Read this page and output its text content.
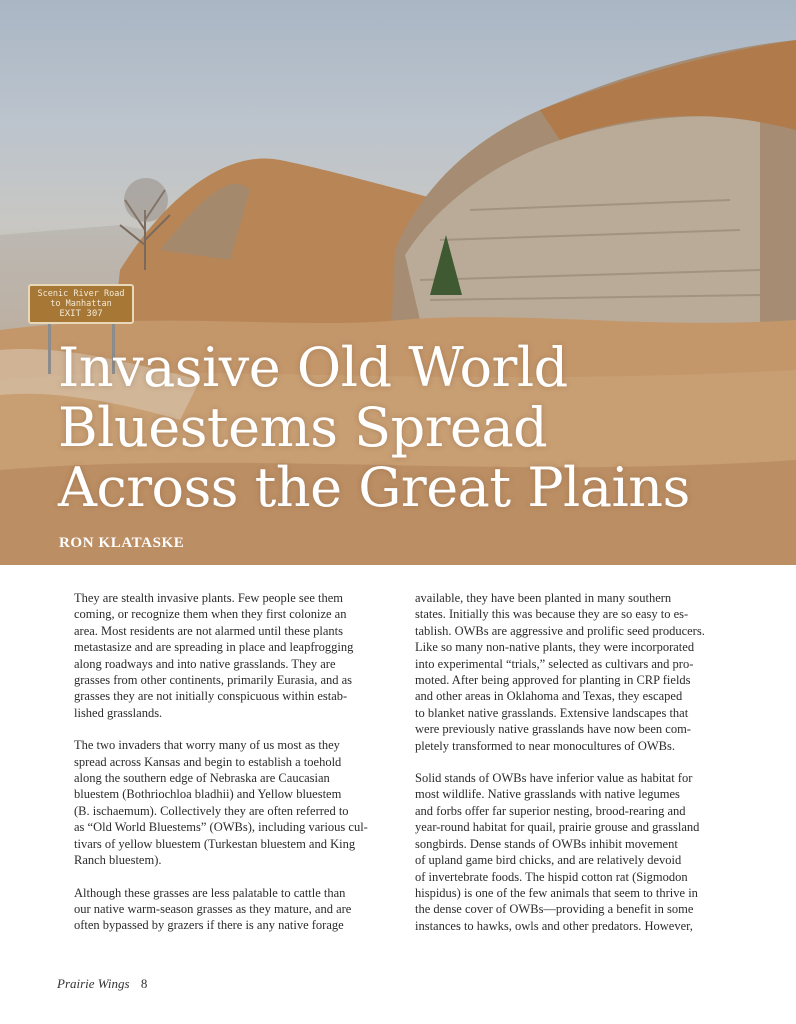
Scenic River Road
to Manhattan
EXIT 307
Invasive Old World
Bluestems Spread
Across the Great Plains
RON KLATASKE

They are stealth invasive plants. Few people see them
coming, or recognize them when they first colonize an
area. Most residents are not alarmed until these plants
metastasize and are spreading in place and leapfrogging
along roadways and into native grasslands. They are
grasses from other continents, primarily Eurasia, and as
grasses they are not initially conspicuous within estab-
lished grasslands.

The two invaders that worry many of us most as they
spread across Kansas and begin to establish a toehold
along the southern edge of Nebraska are Caucasian
bluestem (Bothriochloa bladhii) and Yellow bluestem
(B. ischaemum). Collectively they are often referred to
as “Old World Bluestems” (OWBs), including various cul-
tivars of yellow bluestem (Turkestan bluestem and King
Ranch bluestem).

Although these grasses are less palatable to cattle than
our native warm-season grasses as they mature, and are
often bypassed by grazers if there is any native forage

available, they have been planted in many southern
states. Initially this was because they are so easy to es-
tablish. OWBs are aggressive and prolific seed producers.
Like so many non-native plants, they were incorporated
into experimental “trials,” selected as cultivars and pro-
moted. After being approved for planting in CRP fields
and other areas in Oklahoma and Texas, they escaped
to blanket native grasslands. Extensive landscapes that
were previously native grasslands have now been com-
pletely transformed to near monocultures of OWBs.

Solid stands of OWBs have inferior value as habitat for
most wildlife. Native grasslands with native legumes
and forbs offer far superior nesting, brood-rearing and
year-round habitat for quail, prairie grouse and grassland
songbirds. Dense stands of OWBs inhibit movement
of upland game bird chicks, and are relatively devoid
of invertebrate foods. The hispid cotton rat (Sigmodon
hispidus) is one of the few animals that seem to thrive in
the dense cover of OWBs—providing a benefit in some
instances to hawks, owls and other predators. However,

Prairie Wings 8
